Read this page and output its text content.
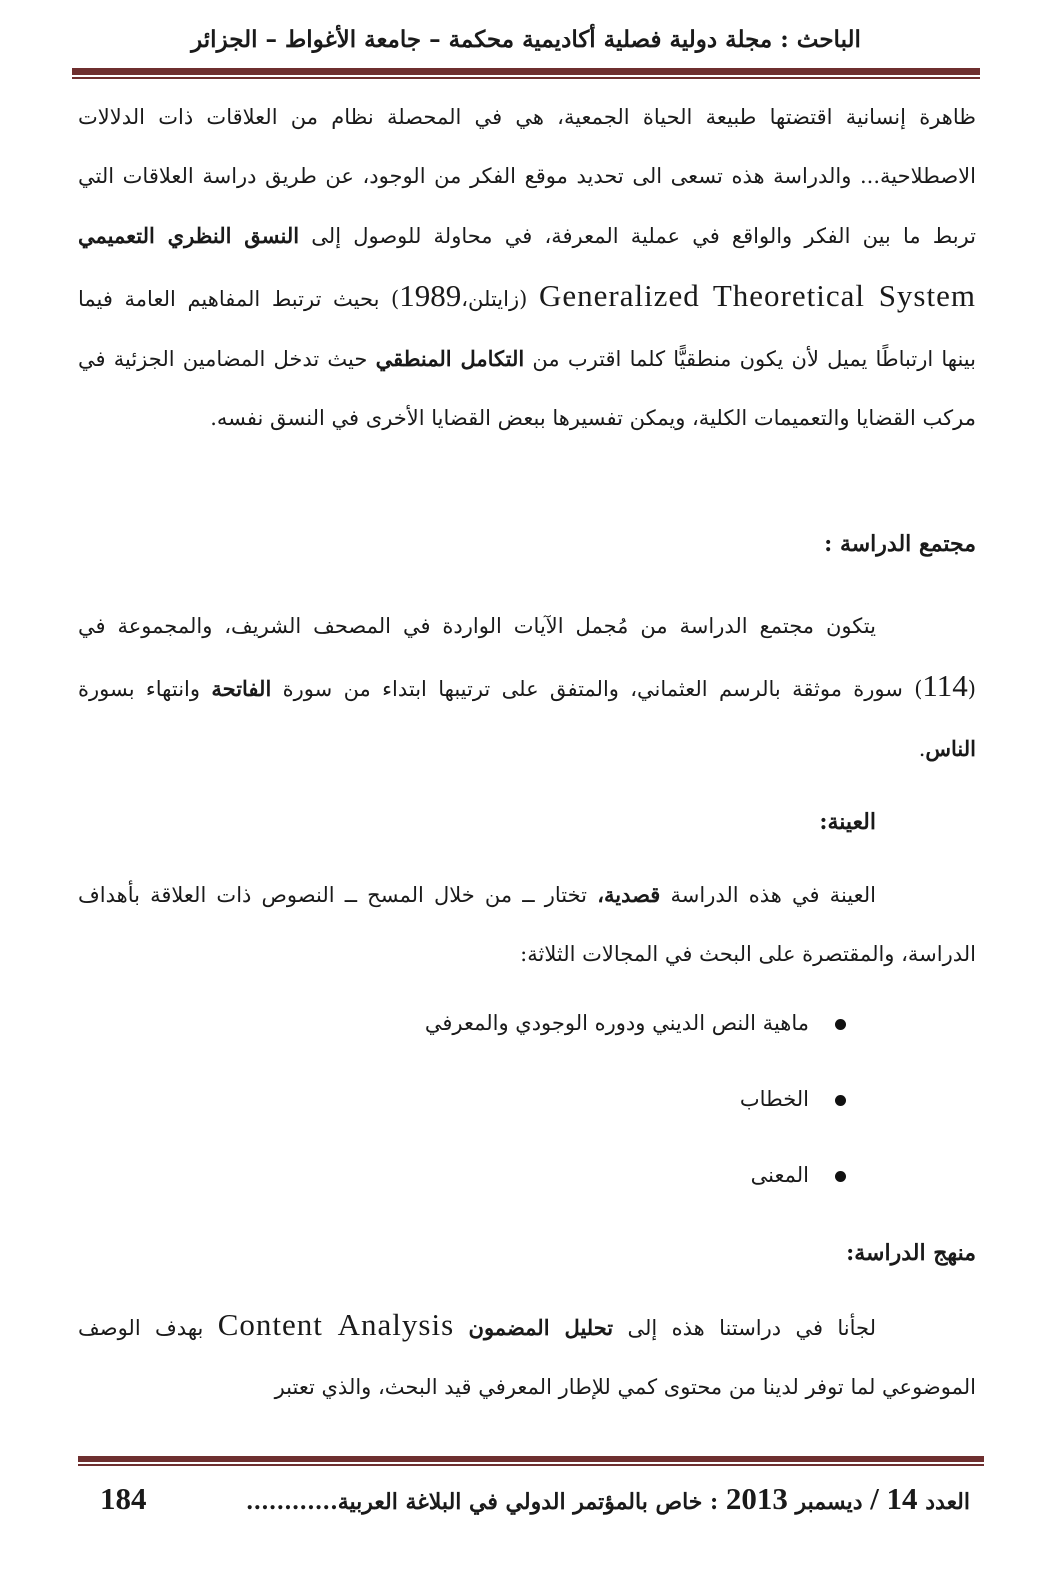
الباحث : مجلة دولية فصلية أكاديمية محكمة – جامعة الأغواط – الجزائر

ظاهرة إنسانية اقتضتها طبيعة الحياة الجمعية، هي في المحصلة نظام من العلاقات ذات الدلالات الاصطلاحية... والدراسة هذه تسعى الى تحديد موقع الفكر من الوجود، عن طريق دراسة العلاقات التي تربط ما بين الفكر والواقع في عملية المعرفة، في محاولة للوصول إلى النسق النظري التعميمي Generalized Theoretical System (زايتلن،1989) بحيث ترتبط المفاهيم العامة فيما بينها ارتباطًا يميل لأن يكون منطقيًّا كلما اقترب من التكامل المنطقي حيث تدخل المضامين الجزئية في مركب القضايا والتعميمات الكلية، ويمكن تفسيرها ببعض القضايا الأخرى في النسق نفسه.

مجتمع الدراسة :

يتكون مجتمع الدراسة من مُجمل الآيات الواردة في المصحف الشريف، والمجموعة في (114) سورة موثقة بالرسم العثماني، والمتفق على ترتيبها ابتداء من سورة الفاتحة وانتهاء بسورة الناس.

العينة:

العينة في هذه الدراسة قصدية، تختار ــ من خلال المسح ــ النصوص ذات العلاقة بأهداف الدراسة، والمقتصرة على البحث في المجالات الثلاثة:

ماهية النص الديني ودوره الوجودي والمعرفي
الخطاب
المعنى

منهج الدراسة:

لجأنا في دراستنا هذه إلى تحليل المضمون Content Analysis بهدف الوصف الموضوعي لما توفر لدينا من محتوى كمي للإطار المعرفي قيد البحث، والذي تعتبر

العدد 14 / ديسمبر 2013 : خاص بالمؤتمر الدولي في البلاغة العربية............
184
